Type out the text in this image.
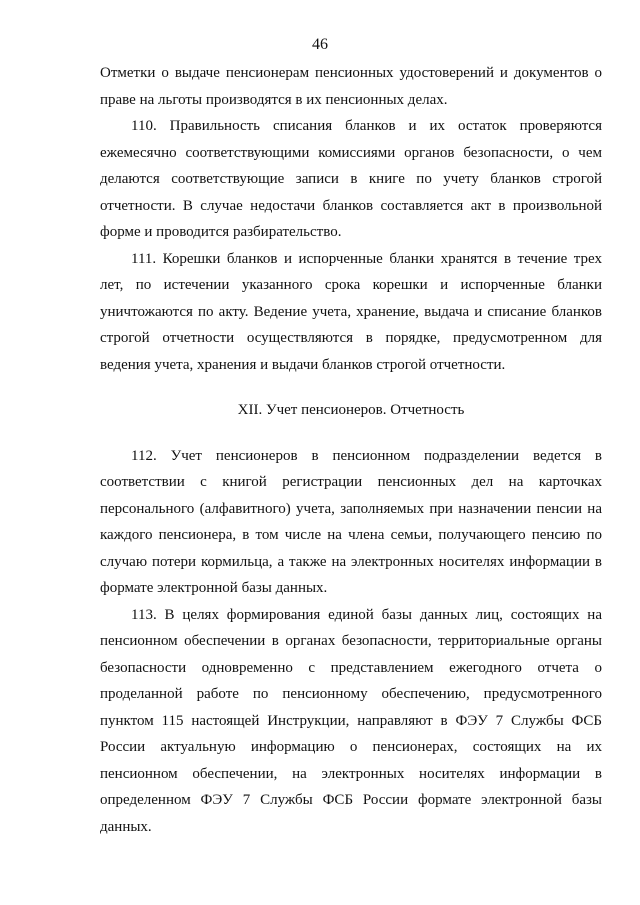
46

Отметки о выдаче пенсионерам пенсионных удостоверений и документов о праве на льготы производятся в их пенсионных делах.

110. Правильность списания бланков и их остаток проверяются ежемесячно соответствующими комиссиями органов безопасности, о чем делаются соответствующие записи в книге по учету бланков строгой отчетности. В случае недостачи бланков составляется акт в произвольной форме и проводится разбирательство.

111. Корешки бланков и испорченные бланки хранятся в течение трех лет, по истечении указанного срока корешки и испорченные бланки уничтожаются по акту. Ведение учета, хранение, выдача и списание бланков строгой отчетности осуществляются в порядке, предусмотренном для ведения учета, хранения и выдачи бланков строгой отчетности.

XII. Учет пенсионеров. Отчетность

112. Учет пенсионеров в пенсионном подразделении ведется в соответствии с книгой регистрации пенсионных дел на карточках персонального (алфавитного) учета, заполняемых при назначении пенсии на каждого пенсионера, в том числе на члена семьи, получающего пенсию по случаю потери кормильца, а также на электронных носителях информации в формате электронной базы данных.

113. В целях формирования единой базы данных лиц, состоящих на пенсионном обеспечении в органах безопасности, территориальные органы безопасности одновременно с представлением ежегодного отчета о проделанной работе по пенсионному обеспечению, предусмотренного пунктом 115 настоящей Инструкции, направляют в ФЭУ 7 Службы ФСБ России актуальную информацию о пенсионерах, состоящих на их пенсионном обеспечении, на электронных носителях информации в определенном ФЭУ 7 Службы ФСБ России формате электронной базы данных.
